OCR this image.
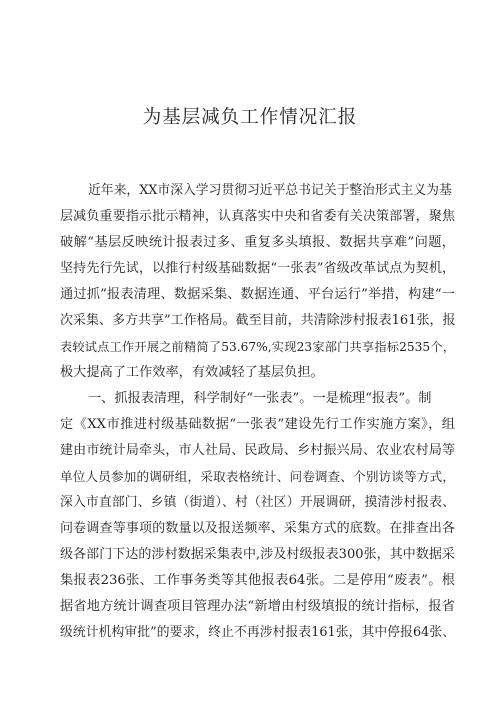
为基层减负工作情况汇报
近年来，XX市深入学习贯彻习近平总书记关于整治形式主义为基
层减负重要指示批示精神，认真落实中央和省委有关决策部署，聚焦
破解“基层反映统计报表过多、重复多头填报、数据共享难”问题，
坚持先行先试，以推行村级基础数据“一张表”省级改革试点为契机，
通过抓”报表清理、数据采集、数据连通、平台运行”举措，构建“一
次采集、多方共享”工作格局。截至目前，共清除涉村报表161张，报
表较试点工作开展之前精简了53.67%,实现23家部门共享指标2535个，
极大提高了工作效率，有效减轻了基层负担。
一、抓报表清理，科学制好“一张表”。一是梳理“报表”。制
定《XX市推进村级基础数据“一张表”建设先行工作实施方案》，组
建由市统计局牵头，市人社局、民政局、乡村振兴局、农业农村局等
单位人员参加的调研组，采取表格统计、问卷调查、个别访谈等方式，
深入市直部门、乡镇（街道）、村（社区）开展调研，摸清涉村报表、
问卷调查等事项的数量以及报送频率、采集方式的底数。在排查出各
级各部门下达的涉村数据采集表中,涉及村级报表300张，其中数据采
集报表236张、工作事务类等其他报表64张。二是停用“废表”。根
据省地方统计调查项目管理办法“新增由村级填报的统计指标，报省
级统计机构审批”的要求，终止不再涉村报表161张，其中停报64张、
